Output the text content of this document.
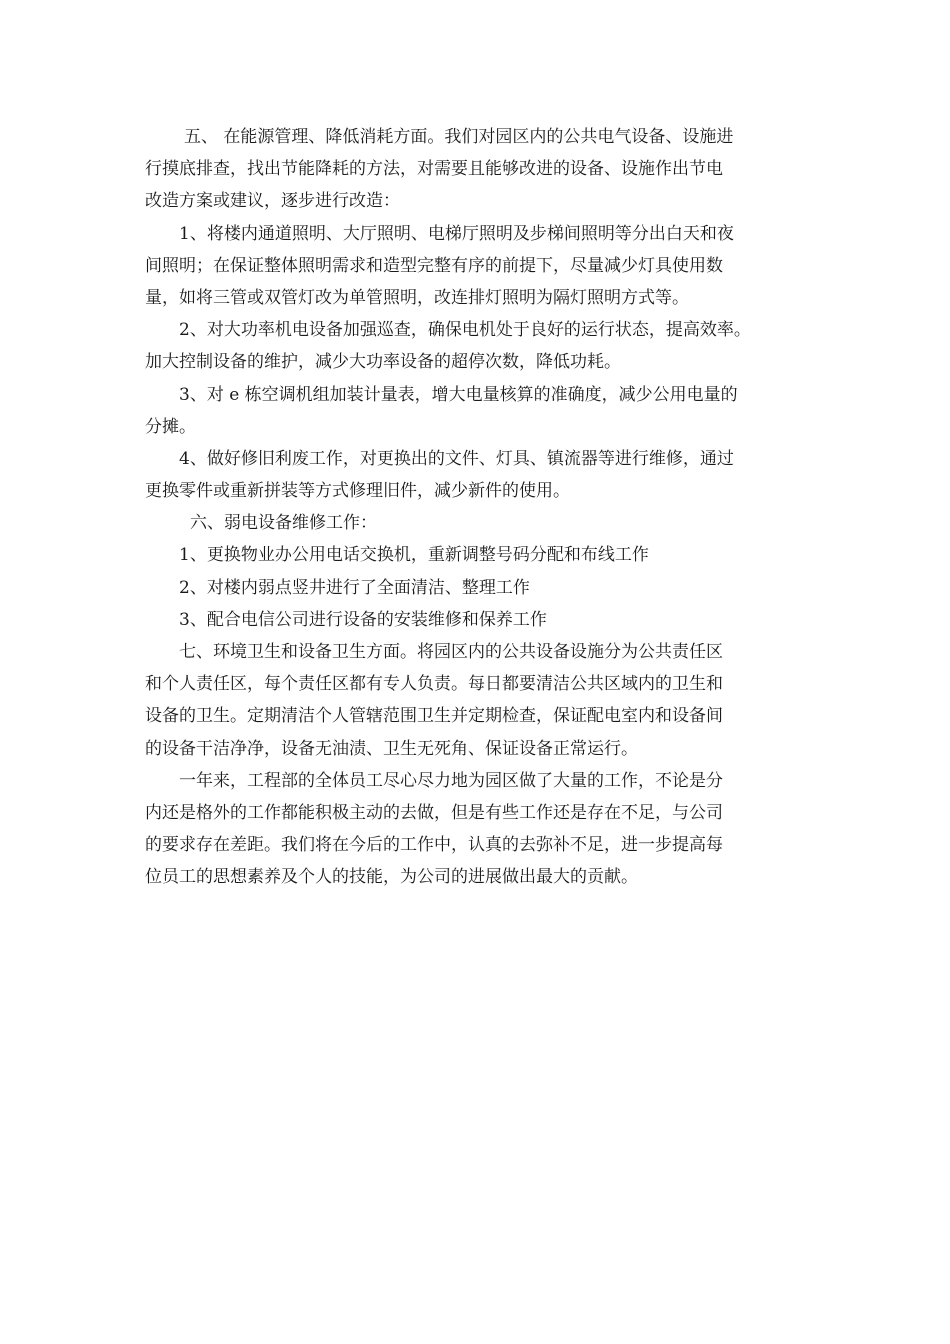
五、 在能源管理、降低消耗方面。我们对园区内的公共电气设备、设施进
行摸底排查，找出节能降耗的方法，对需要且能够改进的设备、设施作出节电
改造方案或建议，逐步进行改造：
1、将楼内通道照明、大厅照明、电梯厅照明及步梯间照明等分出白天和夜
间照明；在保证整体照明需求和造型完整有序的前提下，尽量减少灯具使用数
量，如将三管或双管灯改为单管照明，改连排灯照明为隔灯照明方式等。
2、对大功率机电设备加强巡查，确保电机处于良好的运行状态，提高效率。
加大控制设备的维护，减少大功率设备的超停次数，降低功耗。
3、对 e 栋空调机组加装计量表，增大电量核算的准确度，减少公用电量的
分摊。
4、做好修旧利废工作，对更换出的文件、灯具、镇流器等进行维修，通过
更换零件或重新拼装等方式修理旧件，减少新件的使用。
六、弱电设备维修工作：
1、更换物业办公用电话交换机，重新调整号码分配和布线工作
2、对楼内弱点竖井进行了全面清洁、整理工作
3、配合电信公司进行设备的安装维修和保养工作
七、环境卫生和设备卫生方面。将园区内的公共设备设施分为公共责任区
和个人责任区，每个责任区都有专人负责。每日都要清洁公共区域内的卫生和
设备的卫生。定期清洁个人管辖范围卫生并定期检查，保证配电室内和设备间
的设备干洁净净，设备无油渍、卫生无死角、保证设备正常运行。
一年来，工程部的全体员工尽心尽力地为园区做了大量的工作，不论是分
内还是格外的工作都能积极主动的去做，但是有些工作还是存在不足，与公司
的要求存在差距。我们将在今后的工作中，认真的去弥补不足，进一步提高每
位员工的思想素养及个人的技能，为公司的进展做出最大的贡献。
